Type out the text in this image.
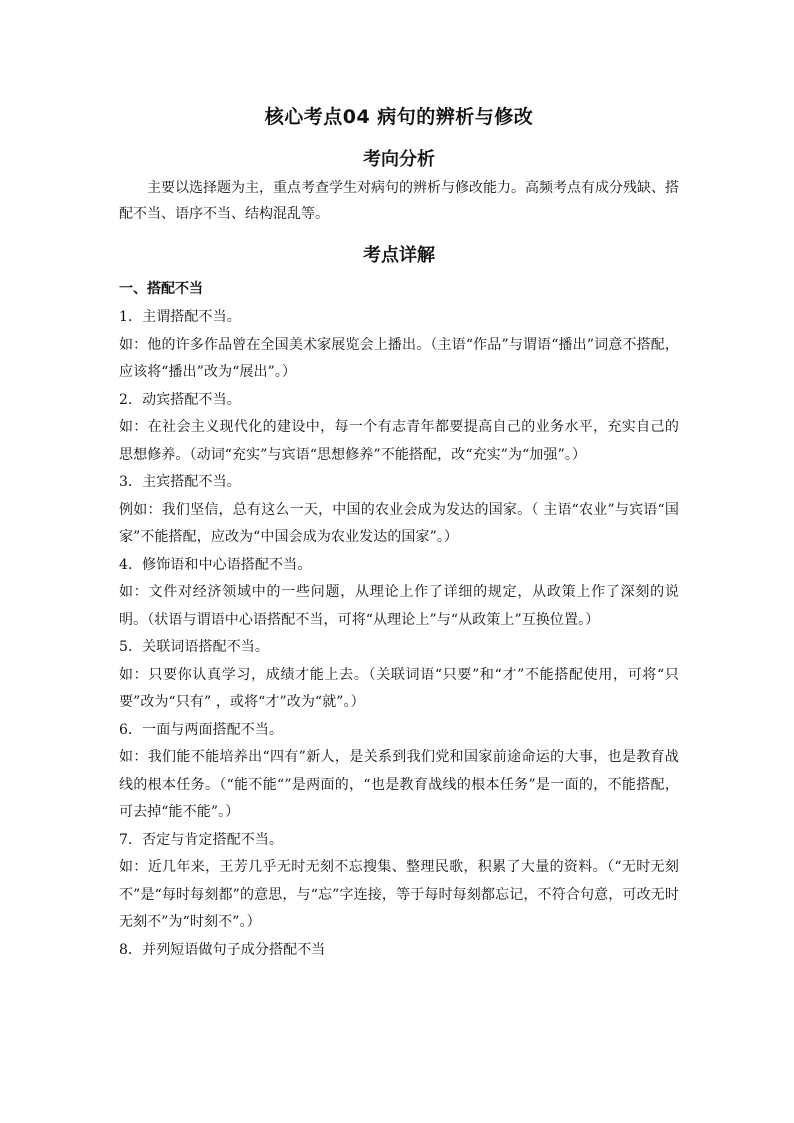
核心考点04 病句的辨析与修改
考向分析

主要以选择题为主，重点考查学生对病句的辨析与修改能力。高频考点有成分残缺、搭配不当、语序不当、结构混乱等。

考点详解

一、搭配不当

1．主谓搭配不当。

如：他的许多作品曾在全国美术家展览会上播出。（主语“作品”与谓语“播出”词意不搭配，应该将“播出”改为“展出”。）

2．动宾搭配不当。

如：在社会主义现代化的建设中，每一个有志青年都要提高自己的业务水平，充实自己的思想修养。（动词“充实”与宾语“思想修养”不能搭配，改“充实”为“加强”。）

3．主宾搭配不当。

例如：我们坚信，总有这么一天，中国的农业会成为发达的国家。（ 主语“农业”与宾语“国家”不能搭配，应改为“中国会成为农业发达的国家”。）

4．修饰语和中心语搭配不当。

如：文件对经济领域中的一些问题，从理论上作了详细的规定，从政策上作了深刻的说明。（状语与谓语中心语搭配不当，可将“从理论上”与“从政策上”互换位置。）

5．关联词语搭配不当。

如：只要你认真学习，成绩才能上去。（关联词语“只要”和“才”不能搭配使用，可将“只要”改为“只有” ，或将“才”改为“就”。）

6．一面与两面搭配不当。

如：我们能不能培养出“四有”新人，是关系到我们党和国家前途命运的大事，也是教育战线的根本任务。（“能不能“”是两面的，“也是教育战线的根本任务”是一面的，不能搭配，可去掉“能不能”。）

7．否定与肯定搭配不当。

如：近几年来，王芳几乎无时无刻不忘搜集、整理民歌，积累了大量的资料。（“无时无刻不”是“每时每刻都”的意思，与“忘”字连接，等于每时每刻都忘记，不符合句意，可改无时无刻不”为“时刻不”。）

8．并列短语做句子成分搭配不当
